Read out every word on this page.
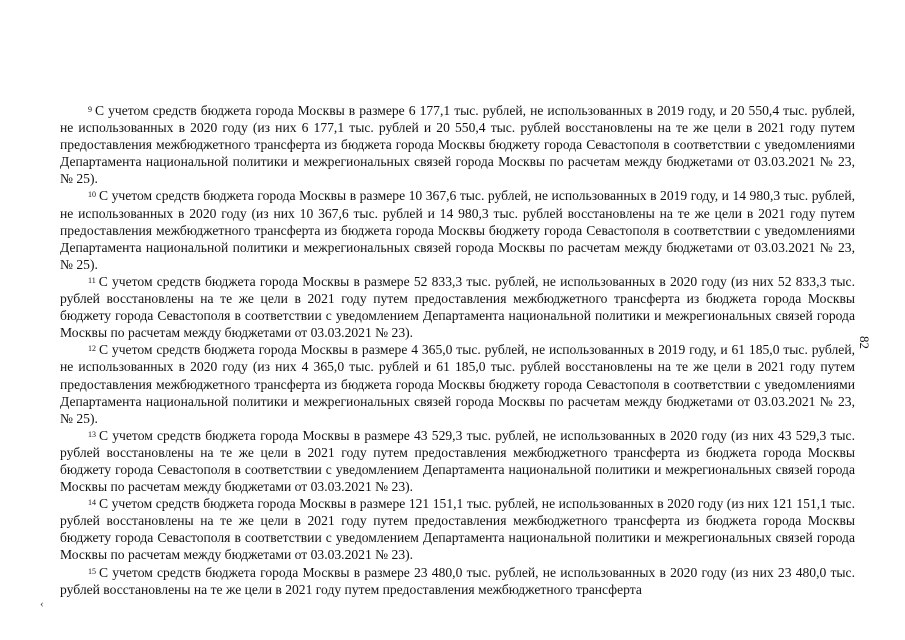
$^9$ С учетом средств бюджета города Москвы в размере 6 177,1 тыс. рублей, не использованных в 2019 году, и 20 550,4 тыс. рублей, не использованных в 2020 году (из них 6 177,1 тыс. рублей и 20 550,4 тыс. рублей восстановлены на те же цели в 2021 году путем предоставления межбюджетного трансферта из бюджета города Москвы бюджету города Севастополя в соответствии с уведомлениями Департамента национальной политики и межрегиональных связей города Москвы по расчетам между бюджетами от 03.03.2021 № 23, № 25).

$^{10}$ С учетом средств бюджета города Москвы в размере 10 367,6 тыс. рублей, не использованных в 2019 году, и 14 980,3 тыс. рублей, не использованных в 2020 году (из них 10 367,6 тыс. рублей и 14 980,3 тыс. рублей восстановлены на те же цели в 2021 году путем предоставления межбюджетного трансферта из бюджета города Москвы бюджету города Севастополя в соответствии с уведомлениями Департамента национальной политики и межрегиональных связей города Москвы по расчетам между бюджетами от 03.03.2021 № 23, № 25).

$^{11}$ С учетом средств бюджета города Москвы в размере 52 833,3 тыс. рублей, не использованных в 2020 году (из них 52 833,3 тыс. рублей восстановлены на те же цели в 2021 году путем предоставления межбюджетного трансферта из бюджета города Москвы бюджету города Севастополя в соответствии с уведомлением Департамента национальной политики и межрегиональных связей города Москвы по расчетам между бюджетами от 03.03.2021 № 23).

$^{12}$ С учетом средств бюджета города Москвы в размере 4 365,0 тыс. рублей, не использованных в 2019 году, и 61 185,0 тыс. рублей, не использованных в 2020 году (из них 4 365,0 тыс. рублей и 61 185,0 тыс. рублей восстановлены на те же цели в 2021 году путем предоставления межбюджетного трансферта из бюджета города Москвы бюджету города Севастополя в соответствии с уведомлениями Департамента национальной политики и межрегиональных связей города Москвы по расчетам между бюджетами от 03.03.2021 № 23, № 25).

$^{13}$ С учетом средств бюджета города Москвы в размере 43 529,3 тыс. рублей, не использованных в 2020 году (из них 43 529,3 тыс. рублей восстановлены на те же цели в 2021 году путем предоставления межбюджетного трансферта из бюджета города Москвы бюджету города Севастополя в соответствии с уведомлением Департамента национальной политики и межрегиональных связей города Москвы по расчетам между бюджетами от 03.03.2021 № 23).

$^{14}$ С учетом средств бюджета города Москвы в размере 121 151,1 тыс. рублей, не использованных в 2020 году (из них 121 151,1 тыс. рублей восстановлены на те же цели в 2021 году путем предоставления межбюджетного трансферта из бюджета города Москвы бюджету города Севастополя в соответствии с уведомлением Департамента национальной политики и межрегиональных связей города Москвы по расчетам между бюджетами от 03.03.2021 № 23).

$^{15}$ С учетом средств бюджета города Москвы в размере 23 480,0 тыс. рублей, не использованных в 2020 году (из них 23 480,0 тыс. рублей восстановлены на те же цели в 2021 году путем предоставления межбюджетного трансферта

82
‹
